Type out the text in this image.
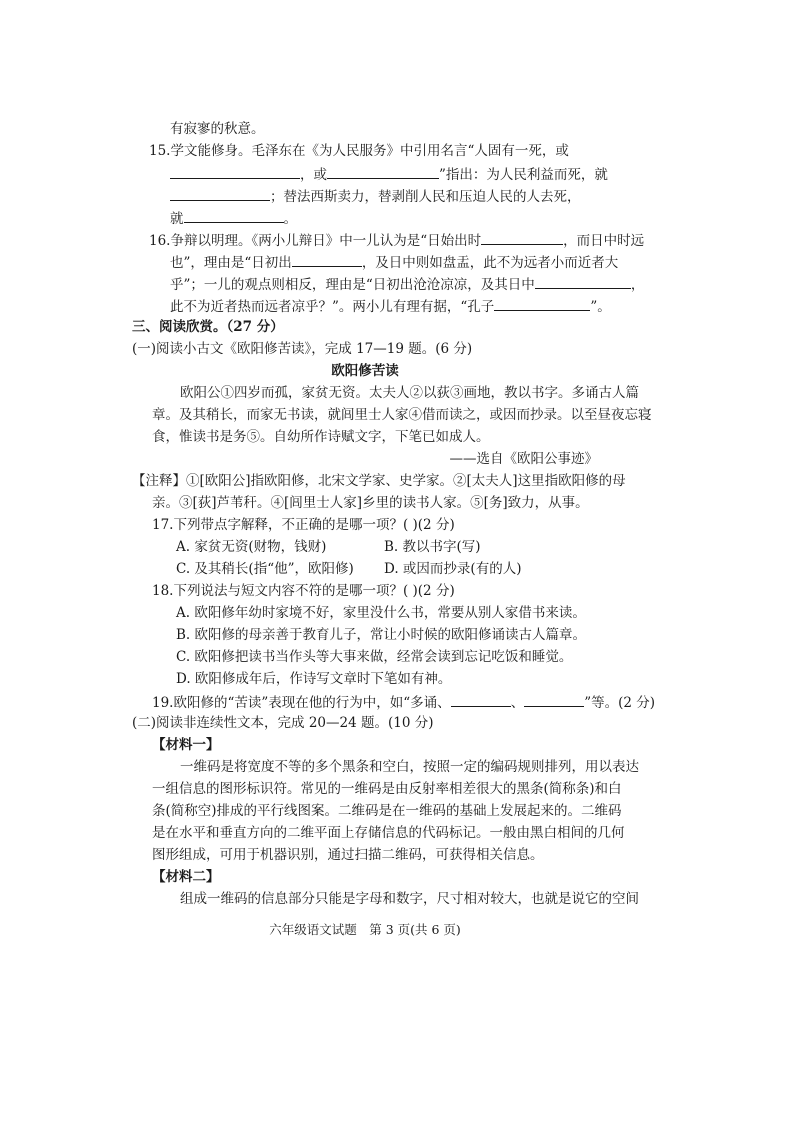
有寂寥的秋意。
15.学文能修身。毛泽东在《为人民服务》中引用名言“人固有一死，或
，或	”指出：为人民利益而死，就
；替法西斯卖力，替剥削人民和压迫人民的人去死，
就	。
16.争辩以明理。《两小儿辩日》中一儿认为是“日始出时	，而日中时远
也”，理由是“日初出	，及日中则如盘盂，此不为远者小而近者大
乎”；一儿的观点则相反，理由是“日初出沧沧凉凉，及其日中	，
此不为近者热而远者凉乎？”。两小儿有理有据，“孔子	”。
三、阅读欣赏。（27 分）
(一)阅读小古文《欧阳修苦读》，完成 17—19 题。(6 分)
欧阳修苦读
欧阳公①四岁而孤，家贫无资。太夫人②以荻③画地，教以书字。多诵古人篇
章。及其稍长，而家无书读，就闾里士人家④借而读之，或因而抄录。以至昼夜忘寝
食，惟读书是务⑤。自幼所作诗赋文字，下笔已如成人。
——选自《欧阳公事迹》
【注释】①[欧阳公]指欧阳修，北宋文学家、史学家。②[太夫人]这里指欧阳修的母
亲。③[荻]芦苇秆。④[闾里士人家]乡里的读书人家。⑤[务]致力，从事。
17.下列带点字解释，不正确的是哪一项？( )(2 分)
A. 家贫无资(财物，钱财)	B. 教以书字(写)
C. 及其稍长(指“他”，欧阳修) D. 或因而抄录(有的人)
18.下列说法与短文内容不符的是哪一项？( )(2 分)
A. 欧阳修年幼时家境不好，家里没什么书，常要从别人家借书来读。
B. 欧阳修的母亲善于教育儿子，常让小时候的欧阳修诵读古人篇章。
C. 欧阳修把读书当作头等大事来做，经常会读到忘记吃饭和睡觉。
D. 欧阳修成年后，作诗写文章时下笔如有神。
19.欧阳修的“苦读”表现在他的行为中，如“多诵、	、	”等。(2 分)
(二)阅读非连续性文本，完成 20—24 题。(10 分)
【材料一】
一维码是将宽度不等的多个黑条和空白，按照一定的编码规则排列，用以表达
一组信息的图形标识符。常见的一维码是由反射率相差很大的黑条(简称条)和白
条(简称空)排成的平行线图案。二维码是在一维码的基础上发展起来的。二维码
是在水平和垂直方向的二维平面上存储信息的代码标记。一般由黑白相间的几何
图形组成，可用于机器识别，通过扫描二维码，可获得相关信息。
【材料二】
组成一维码的信息部分只能是字母和数字，尺寸相对较大，也就是说它的空间
六年级语文试题　第 3 页(共 6 页)
